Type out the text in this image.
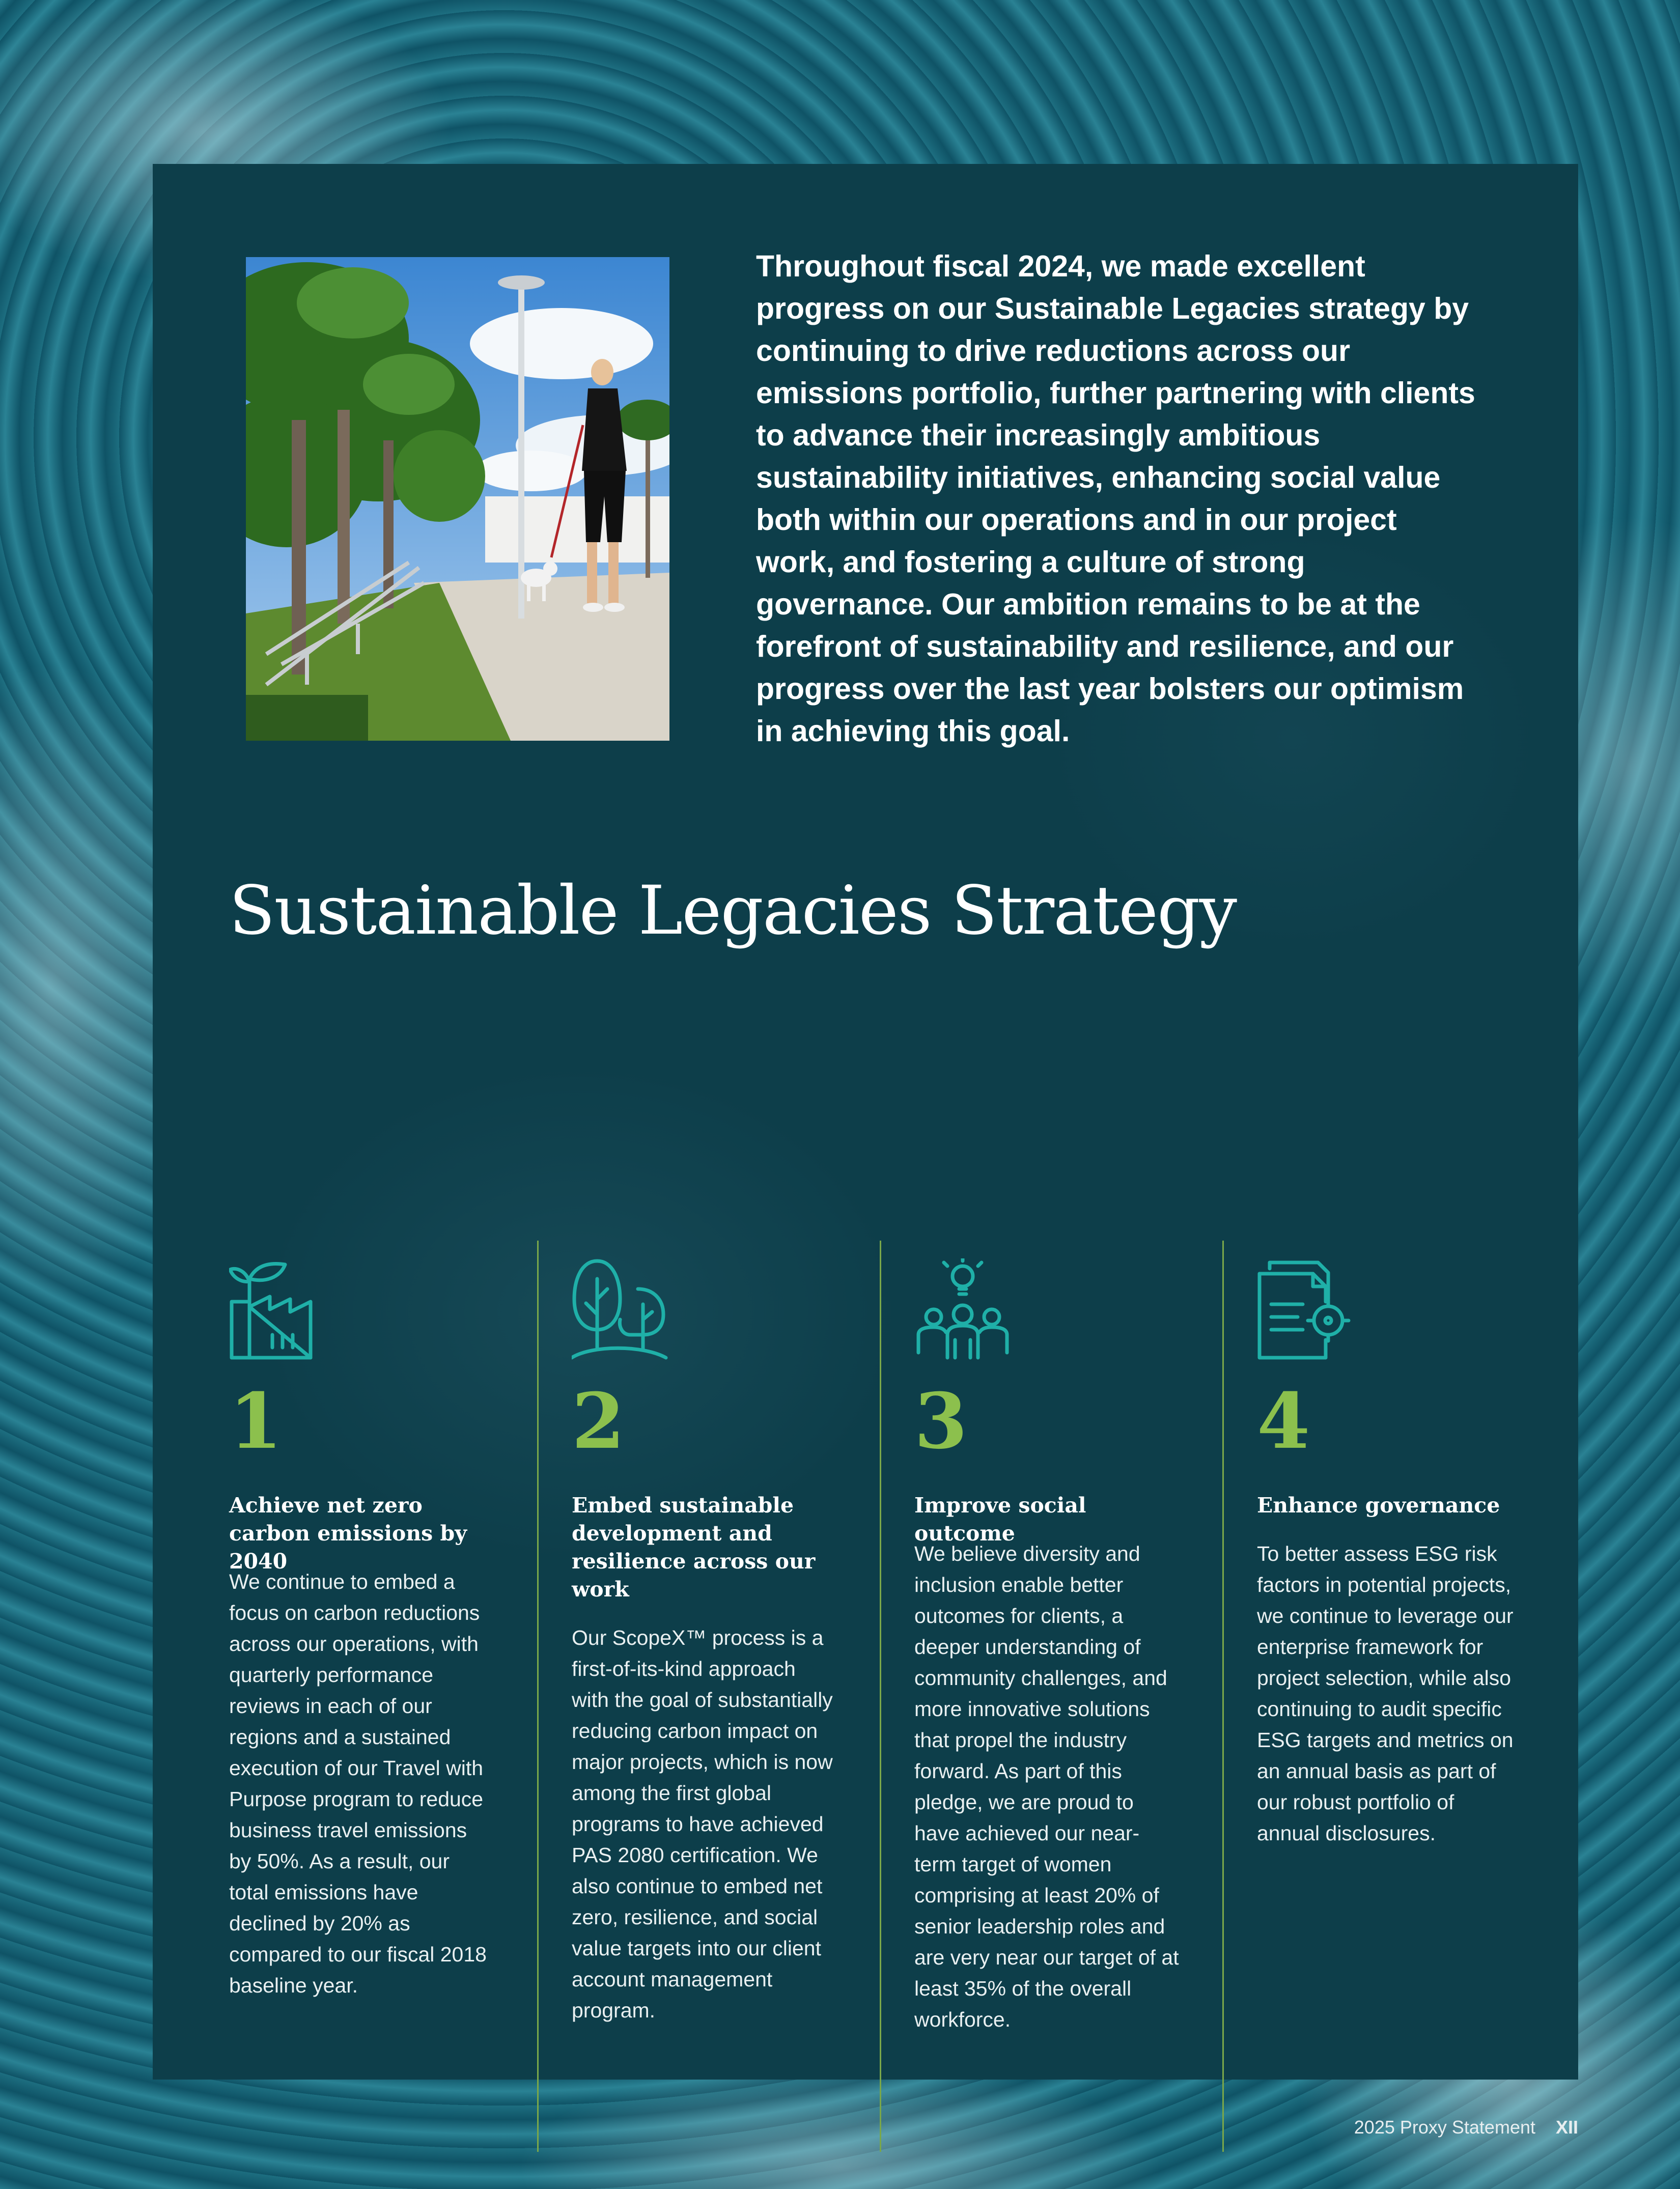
Throughout fiscal 2024, we made excellent progress on our Sustainable Legacies strategy by continuing to drive reductions across our emissions portfolio, further partnering with clients to advance their increasingly ambitious sustainability initiatives, enhancing social value both within our operations and in our project work, and fostering a culture of strong governance. Our ambition remains to be at the forefront of sustainability and resilience, and our progress over the last year bolsters our optimism in achieving this goal.

Sustainable Legacies Strategy
1
Achieve net zero carbon emissions by 2040

We continue to embed a focus on carbon reductions across our operations, with quarterly performance reviews in each of our regions and a sustained execution of our Travel with Purpose program to reduce business travel emissions by 50%. As a result, our total emissions have declined by 20% as compared to our fiscal 2018 baseline year.

2
Embed sustainable development and resilience across our work

Our ScopeX™ process is a first-of-its-kind approach with the goal of substantially reducing carbon impact on major projects, which is now among the first global programs to have achieved PAS 2080 certification. We also continue to embed net zero, resilience, and social value targets into our client account management program.

3
Improve social outcome

We believe diversity and inclusion enable better outcomes for clients, a deeper understanding of community challenges, and more innovative solutions that propel the industry forward. As part of this pledge, we are proud to have achieved our near-term target of women comprising at least 20% of senior leadership roles and are very near our target of at least 35% of the overall workforce.

4
Enhance governance

To better assess ESG risk factors in potential projects, we continue to leverage our enterprise framework for project selection, while also continuing to audit specific ESG targets and metrics on an annual basis as part of our robust portfolio of annual disclosures.

2025 Proxy Statement XII
